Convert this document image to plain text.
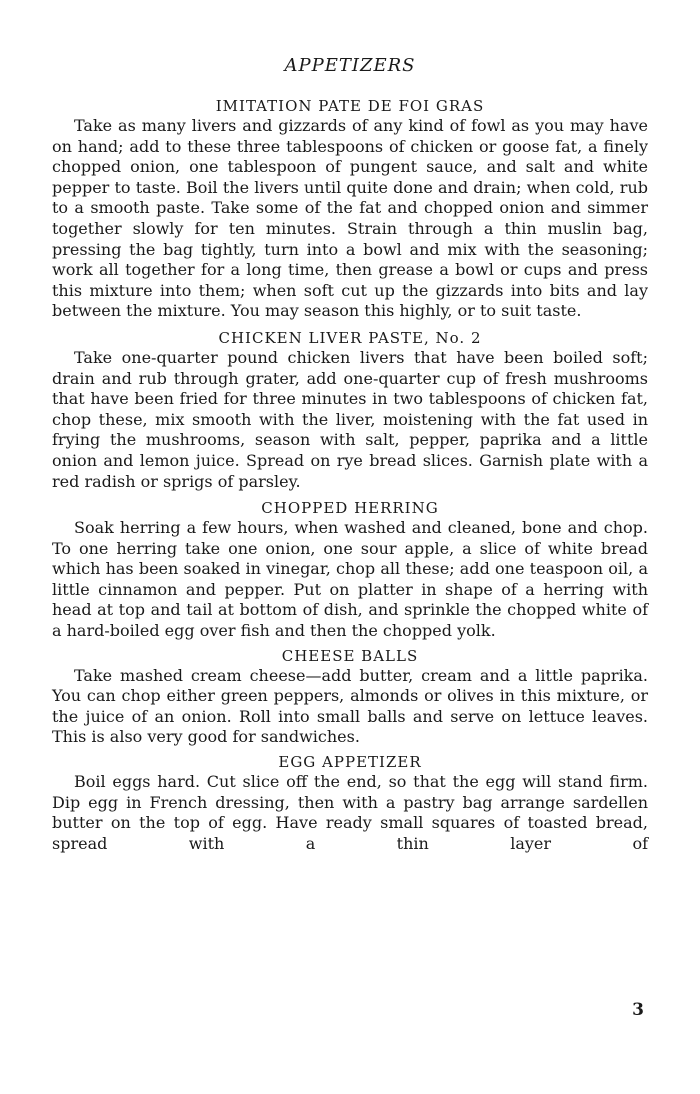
APPETIZERS
IMITATION PATE DE FOI GRAS

Take as many livers and gizzards of any kind of fowl as you may have on hand; add to these three tablespoons of chicken or goose fat, a finely chopped onion, one tablespoon of pungent sauce, and salt and white pepper to taste. Boil the livers until quite done and drain; when cold, rub to a smooth paste. Take some of the fat and chopped onion and simmer together slowly for ten minutes. Strain through a thin muslin bag, pressing the bag tightly, turn into a bowl and mix with the seasoning; work all together for a long time, then grease a bowl or cups and press this mixture into them; when soft cut up the gizzards into bits and lay between the mixture. You may season this highly, or to suit taste.

CHICKEN LIVER PASTE, No. 2

Take one-quarter pound chicken livers that have been boiled soft; drain and rub through grater, add one-quarter cup of fresh mushrooms that have been fried for three minutes in two tablespoons of chicken fat, chop these, mix smooth with the liver, moistening with the fat used in frying the mushrooms, season with salt, pepper, paprika and a little onion and lemon juice. Spread on rye bread slices. Garnish plate with a red radish or sprigs of parsley.

CHOPPED HERRING

Soak herring a few hours, when washed and cleaned, bone and chop. To one herring take one onion, one sour apple, a slice of white bread which has been soaked in vinegar, chop all these; add one teaspoon oil, a little cinnamon and pepper. Put on platter in shape of a herring with head at top and tail at bottom of dish, and sprinkle the chopped white of a hard-boiled egg over fish and then the chopped yolk.

CHEESE BALLS

Take mashed cream cheese—add butter, cream and a little paprika. You can chop either green peppers, almonds or olives in this mixture, or the juice of an onion. Roll into small balls and serve on lettuce leaves. This is also very good for sandwiches.

EGG APPETIZER

Boil eggs hard. Cut slice off the end, so that the egg will stand firm. Dip egg in French dressing, then with a pastry bag arrange sardellen butter on the top of egg. Have ready small squares of toasted bread, spread with a thin layer of

3
